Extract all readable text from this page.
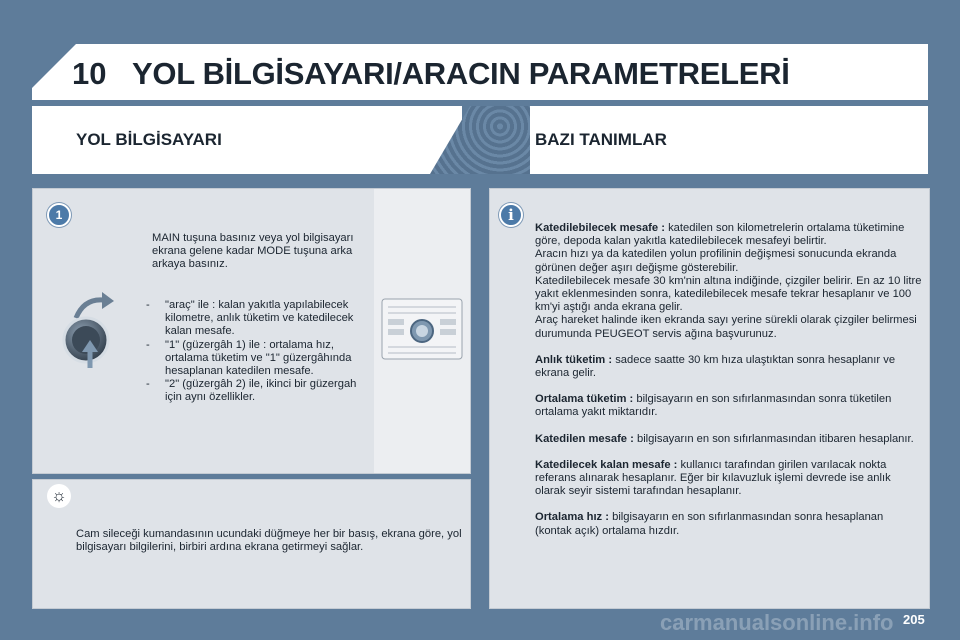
10 YOL BİLGİSAYARI/ARACIN PARAMETRELERİ
YOL BİLGİSAYARI	BAZI TANIMLAR
1
MAIN tuşuna basınız veya yol bilgisayarı ekrana gelene kadar MODE tuşuna arka arkaya basınız.
- "araç" ile : kalan yakıtla yapılabilecek kilometre, anlık tüketim ve katedilecek kalan mesafe.
- "1" (güzergâh 1) ile : ortalama hız, ortalama tüketim ve "1" güzergâhında hesaplanan katedilen mesafe.
- "2" (güzergâh 2) ile, ikinci bir güzergah için aynı özellikler.
☼
Cam sileceği kumandasının ucundaki düğmeye her bir basış, ekrana göre, yol bilgisayarı bilgilerini, birbiri ardına ekrana getirmeyi sağlar.
i
Katedilebilecek mesafe : katedilen son kilometrelerin ortalama tüketimine göre, depoda kalan yakıtla katedilebilecek mesafeyi belirtir.
Aracın hızı ya da katedilen yolun profilinin değişmesi sonucunda ekranda görünen değer aşırı değişme gösterebilir.
Katedilebilecek mesafe 30 km'nin altına indiğinde, çizgiler belirir. En az 10 litre yakıt eklenmesinden sonra, katedilebilecek mesafe tekrar hesaplanır ve 100 km'yi aştığı anda ekrana gelir.
Araç hareket halinde iken ekranda sayı yerine sürekli olarak çizgiler belirmesi durumunda PEUGEOT servis ağına başvurunuz.
Anlık tüketim : sadece saatte 30 km hıza ulaştıktan sonra hesaplanır ve ekrana gelir.
Ortalama tüketim : bilgisayarın en son sıfırlanmasından sonra tüketilen ortalama yakıt miktarıdır.
Katedilen mesafe : bilgisayarın en son sıfırlanmasından itibaren hesaplanır.
Katedilecek kalan mesafe : kullanıcı tarafından girilen varılacak nokta referans alınarak hesaplanır. Eğer bir kılavuzluk işlemi devrede ise anlık olarak seyir sistemi tarafından hesaplanır.
Ortalama hız : bilgisayarın en son sıfırlanmasından sonra hesaplanan (kontak açık) ortalama hızdır.
carmanualsonline.info 205
